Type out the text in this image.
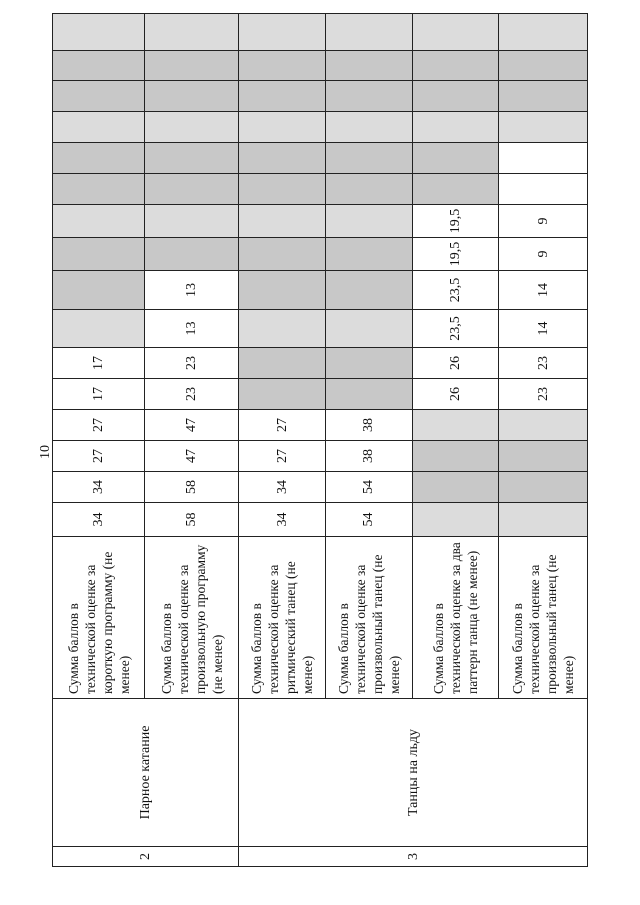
10
2	Парное катание	Сумма баллов в технической оценке за короткую программу (не менее)	34	34	27	27	17	17										
		Сумма баллов в технической оценке за произвольную программу (не менее)	58	58	47	47	23	23	13	13								
3	Танцы на льду	Сумма баллов в технической оценке за ритмический танец (не менее)	34	34	27	27												
		Сумма баллов в технической оценке за произвольный танец (не менее)	54	54	38	38												
		Сумма баллов в технической оценке за два паттерн танца (не менее)					26	26	23,5	23,5	19,5	19,5						
		Сумма баллов в технической оценке за произвольный танец (не менее)					23	23	14	14	9	9						
